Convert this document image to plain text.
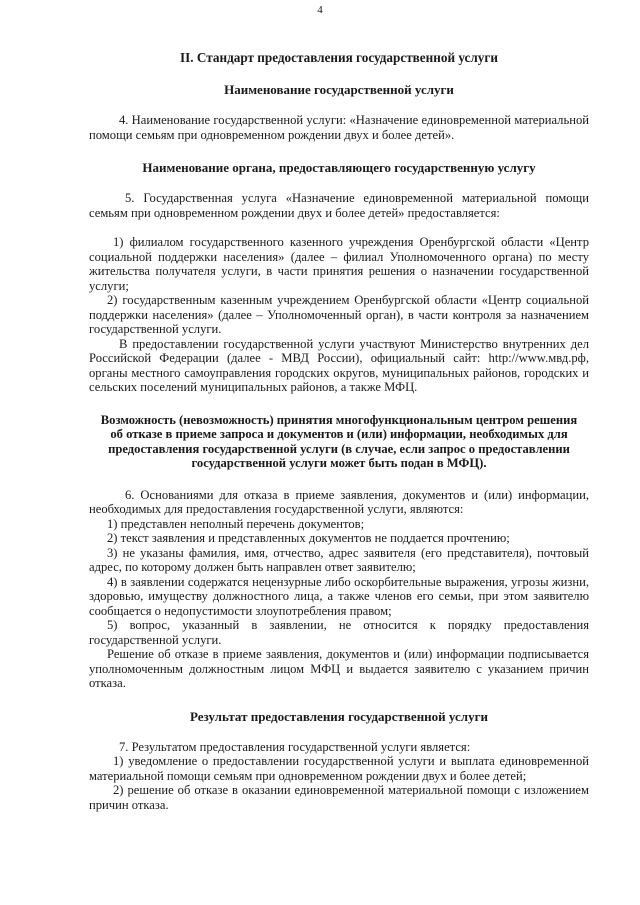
4
II. Стандарт предоставления государственной услуги
Наименование государственной услуги

4. Наименование государственной услуги: «Назначение единовременной материальной помощи семьям при одновременном рождении двух и более детей».

Наименование органа, предоставляющего государственную услугу

5. Государственная услуга «Назначение единовременной материальной помощи семьям при одновременном рождении двух и более детей» предоставляется:

1) филиалом государственного казенного учреждения Оренбургской области «Центр социальной поддержки населения» (далее – филиал Уполномоченного органа) по месту жительства получателя услуги, в части принятия решения о назначении государственной услуги;

2) государственным казенным учреждением Оренбургской области «Центр социальной поддержки населения» (далее – Уполномоченный орган), в части контроля за назначением государственной услуги.

В предоставлении государственной услуги участвуют Министерство внутренних дел Российской Федерации (далее - МВД России), официальный сайт: http://www.мвд.рф, органы местного самоуправления городских округов, муниципальных районов, городских и сельских поселений муниципальных районов, а также МФЦ.

Возможность (невозможность) принятия многофункциональным центром решения об отказе в приеме запроса и документов и (или) информации, необходимых для предоставления государственной услуги (в случае, если запрос о предоставлении государственной услуги может быть подан в МФЦ).

6. Основаниями для отказа в приеме заявления, документов и (или) информации, необходимых для предоставления государственной услуги, являются:

1) представлен неполный перечень документов;

2) текст заявления и представленных документов не поддается прочтению;

3) не указаны фамилия, имя, отчество, адрес заявителя (его представителя), почтовый адрес, по которому должен быть направлен ответ заявителю;

4) в заявлении содержатся нецензурные либо оскорбительные выражения, угрозы жизни, здоровью, имуществу должностного лица, а также членов его семьи, при этом заявителю сообщается о недопустимости злоупотребления правом;

5) вопрос, указанный в заявлении, не относится к порядку предоставления государственной услуги.

Решение об отказе в приеме заявления, документов и (или) информации подписывается уполномоченным должностным лицом МФЦ и выдается заявителю с указанием причин отказа.

Результат предоставления государственной услуги

7. Результатом предоставления государственной услуги является:

1) уведомление о предоставлении государственной услуги и выплата единовременной материальной помощи семьям при одновременном рождении двух и более детей;

2) решение об отказе в оказании единовременной материальной помощи с изложением причин отказа.
